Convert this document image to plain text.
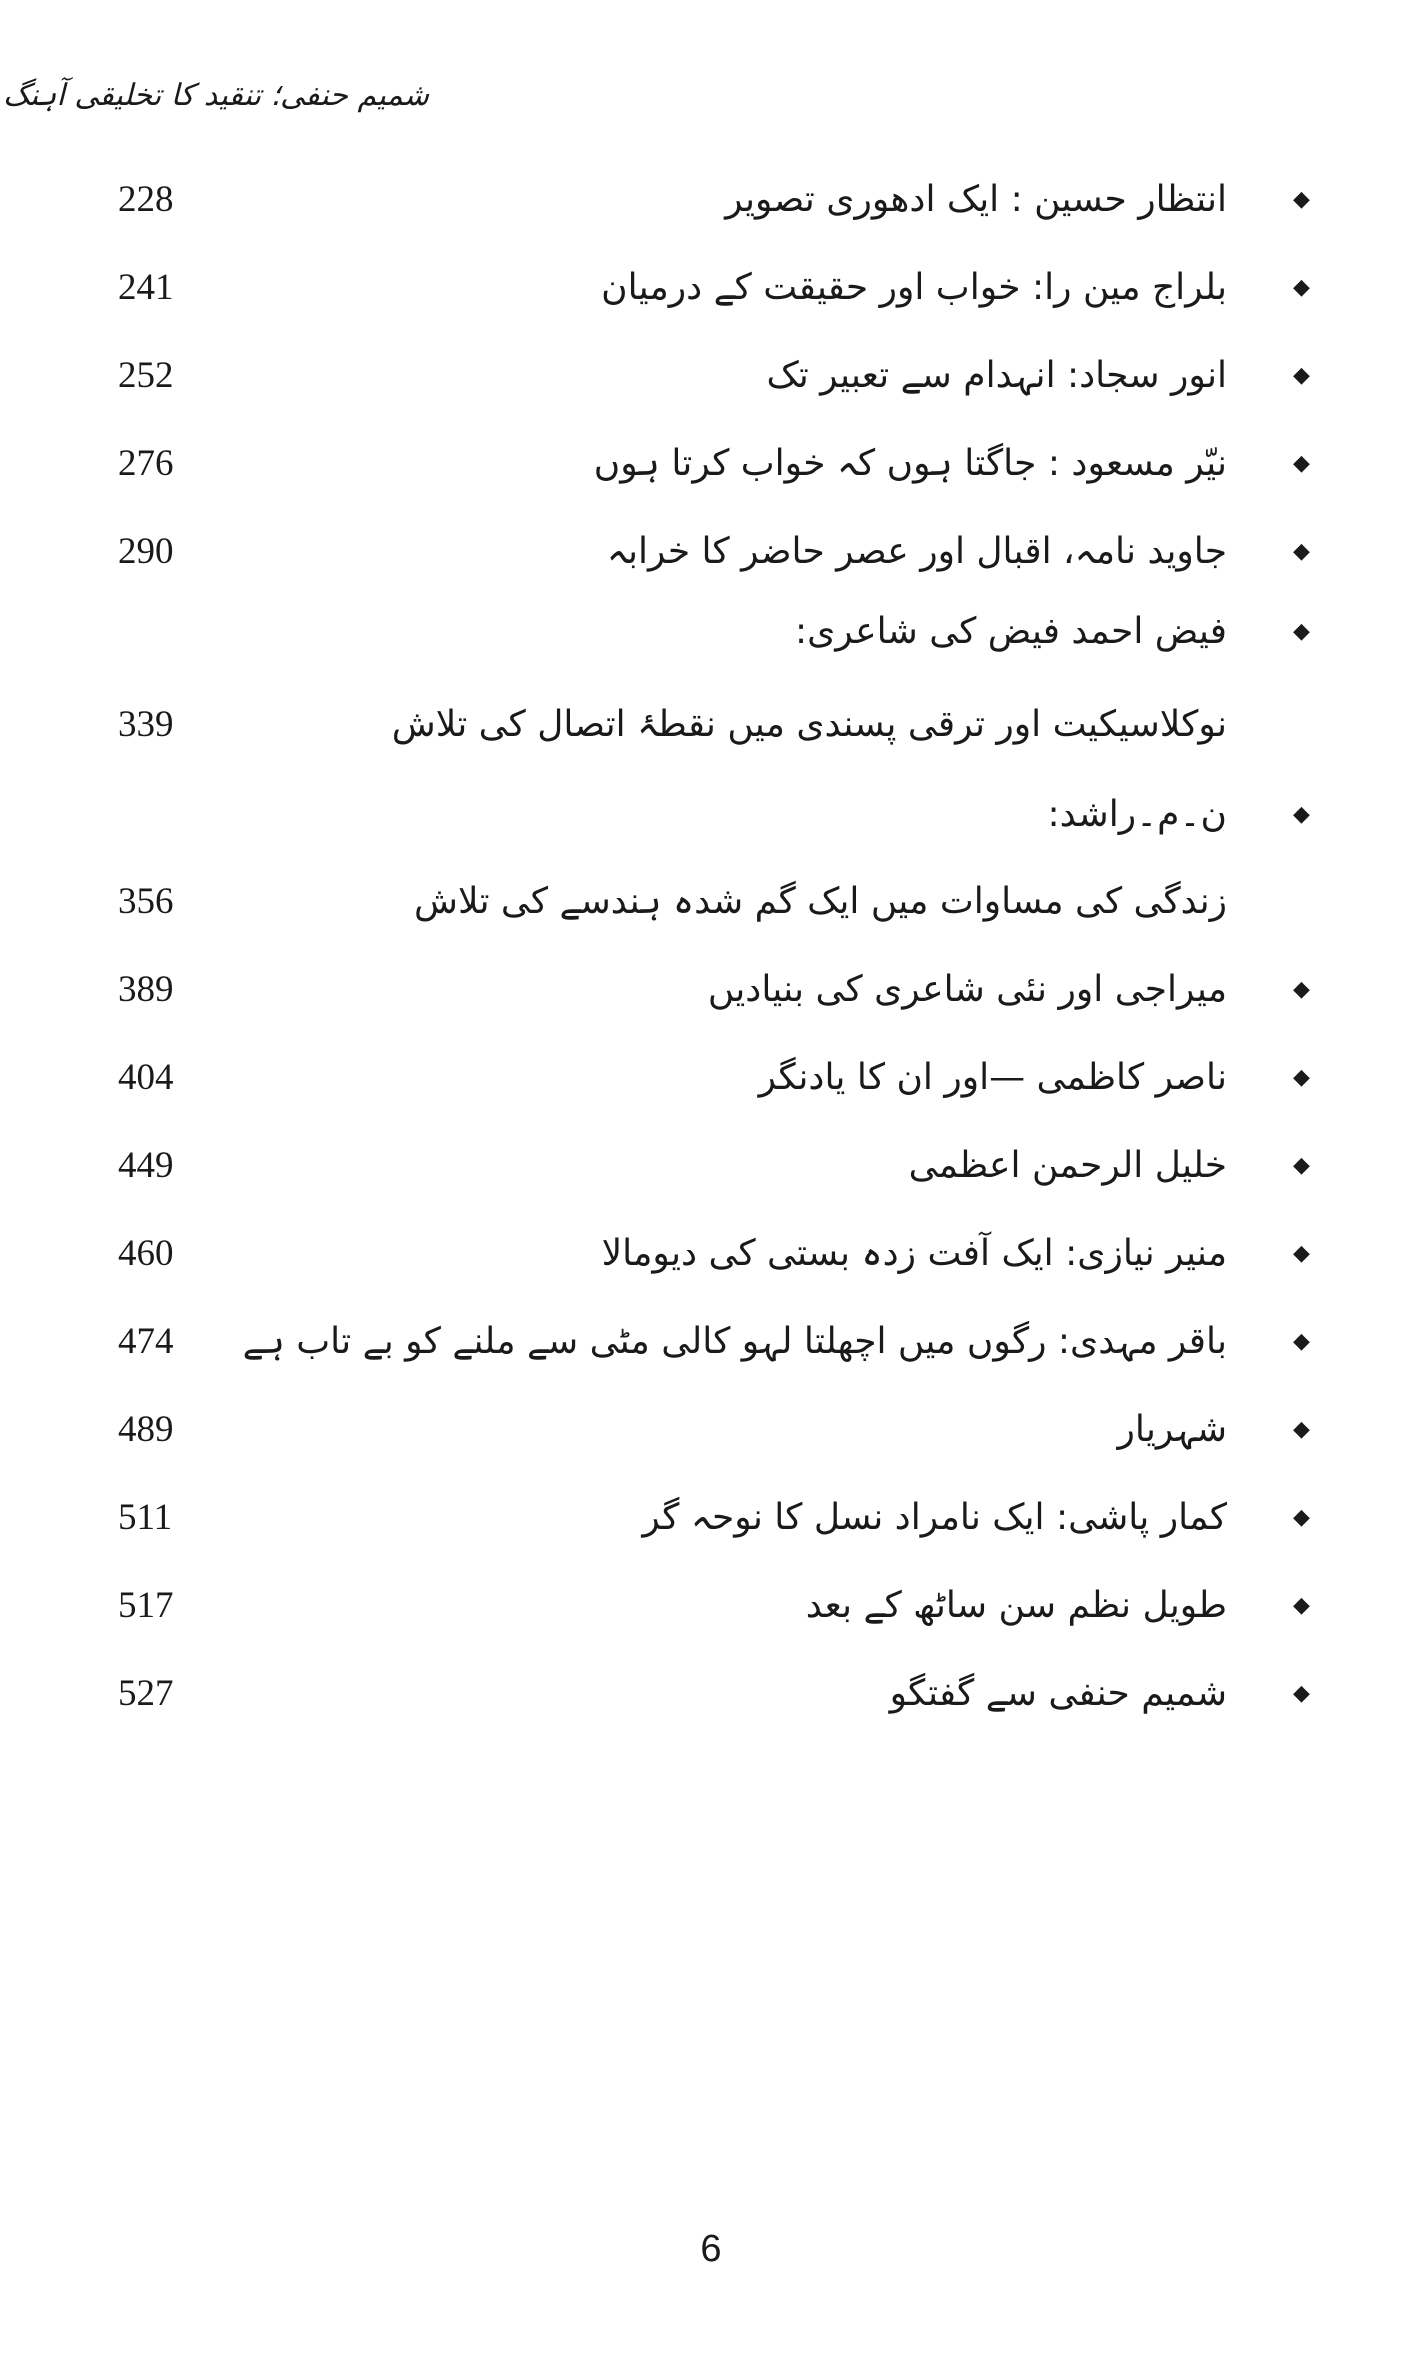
شمیم حنفی؛ تنقید کا تخلیقی آہنگ
228	انتظار حسین : ایک ادھوری تصویر	◆
241	بلراج مین را: خواب اور حقیقت کے درمیان	◆
252	انور سجاد: انہدام سے تعبیر تک	◆
276	نیّر مسعود : جاگتا ہوں کہ خواب کرتا ہوں	◆
290	جاوید نامہ، اقبال اور عصر حاضر کا خرابہ	◆
فیض احمد فیض کی شاعری:	◆
339	نوکلاسیکیت اور ترقی پسندی میں نقطۂ اتصال کی تلاش
ن۔م۔راشد:	◆
356	زندگی کی مساوات میں ایک گم شدہ ہندسے کی تلاش
389	میراجی اور نئی شاعری کی بنیادیں	◆
404	ناصر کاظمی —اور ان کا یادنگر	◆
449	خلیل الرحمن اعظمی	◆
460	منیر نیازی: ایک آفت زدہ بستی کی دیومالا	◆
474	باقر مہدی: رگوں میں اچھلتا لہو کالی مٹی سے ملنے کو بے تاب ہے	◆
489	شہریار	◆
511	کمار پاشی: ایک نامراد نسل کا نوحہ گر	◆
517	طویل نظم سن ساٹھ کے بعد	◆
527	شمیم حنفی سے گفتگو	◆
6
